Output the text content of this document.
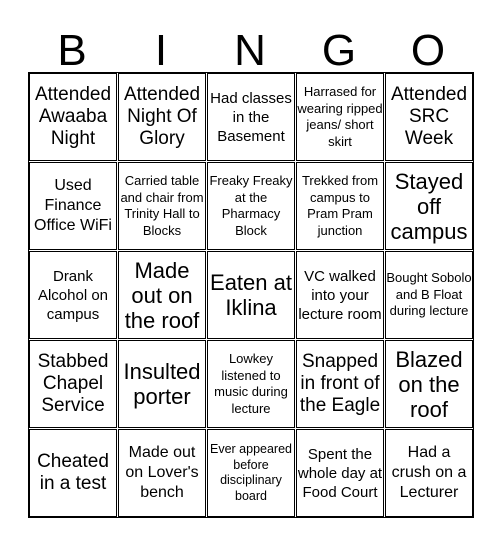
B	I	N	G	O
Attended Awaaba Night
Attended Night Of Glory
Had classes in the Basement
Harrased for wearing ripped jeans/ short skirt
Attended SRC Week
Used Finance Office WiFi
Carried table and chair from Trinity Hall to Blocks
Freaky Freaky at the Pharmacy Block
Trekked from campus to Pram Pram junction
Stayed off campus
Drank Alcohol on campus
Made out on the roof
Eaten at Iklina
VC walked into your lecture room
Bought Sobolo and B Float during lecture
Stabbed Chapel Service
Insulted porter
Lowkey listened to music during lecture
Snapped in front of the Eagle
Blazed on the roof
Cheated in a test
Made out on Lover's bench
Ever appeared before disciplinary board
Spent the whole day at Food Court
Had a crush on a Lecturer
